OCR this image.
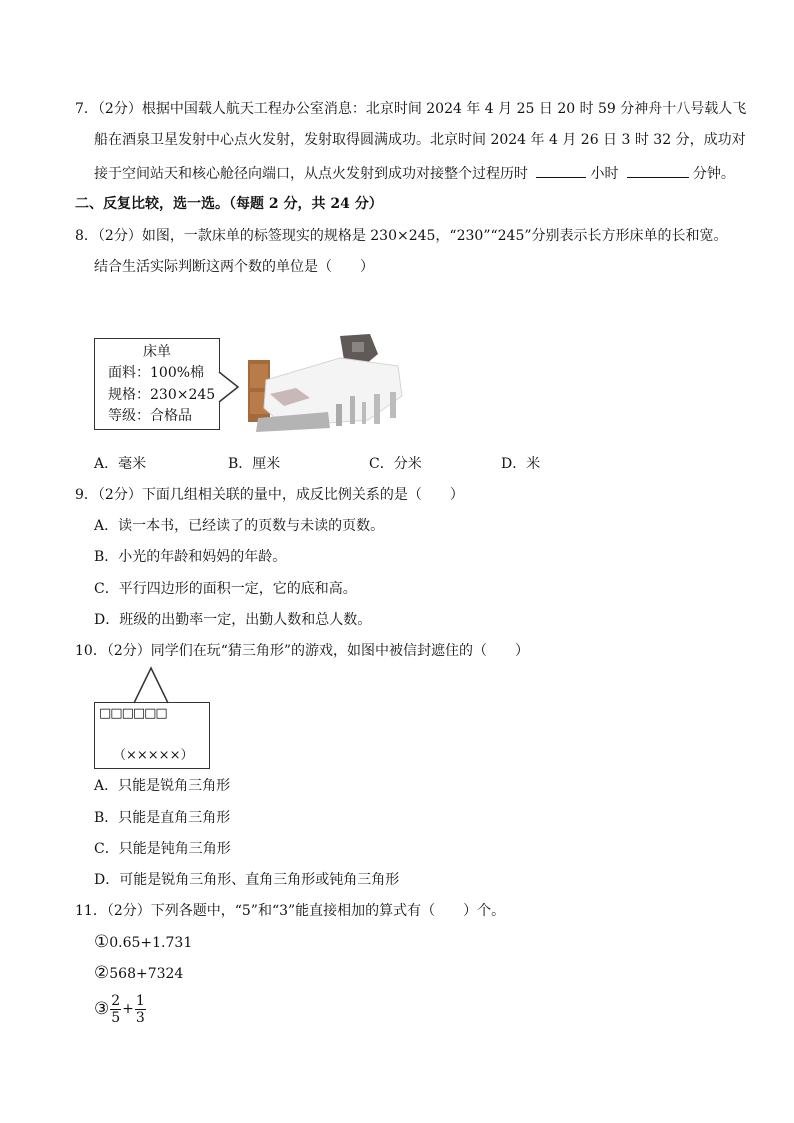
7．（2分）根据中国载人航天工程办公室消息：北京时间 2024 年 4 月 25 日 20 时 59 分神舟十八号载人飞
船在酒泉卫星发射中心点火发射，发射取得圆满成功。北京时间 2024 年 4 月 26 日 3 时 32 分，成功对
接于空间站天和核心舱径向端口，从点火发射到成功对接整个过程历时	小时	分钟。
二、反复比较，选一选。（每题 2 分，共 24 分）
8．（2分）如图，一款床单的标签现实的规格是 230×245，“230”“245”分别表示长方形床单的长和宽。
结合生活实际判断这两个数的单位是（　　）
床单
面料：100%棉
规格：230×245
等级：合格品
A．毫米	B．厘米	C．分米	D．米
9．（2分）下面几组相关联的量中，成反比例关系的是（　　）
A．读一本书，已经读了的页数与未读的页数。
B．小光的年龄和妈妈的年龄。
C．平行四边形的面积一定，它的底和高。
D．班级的出勤率一定，出勤人数和总人数。
10．（2分）同学们在玩“猜三角形”的游戏，如图中被信封遮住的（　　）
□□□□□□
（×××××）
A．只能是锐角三角形
B．只能是直角三角形
C．只能是钝角三角形
D．可能是锐角三角形、直角三角形或钝角三角形
11．（2分）下列各题中，“5”和“3”能直接相加的算式有（　　）个。
①0.65+1.731
②568+7324
③ $\frac{2}{5} + \frac{1}{3}$
